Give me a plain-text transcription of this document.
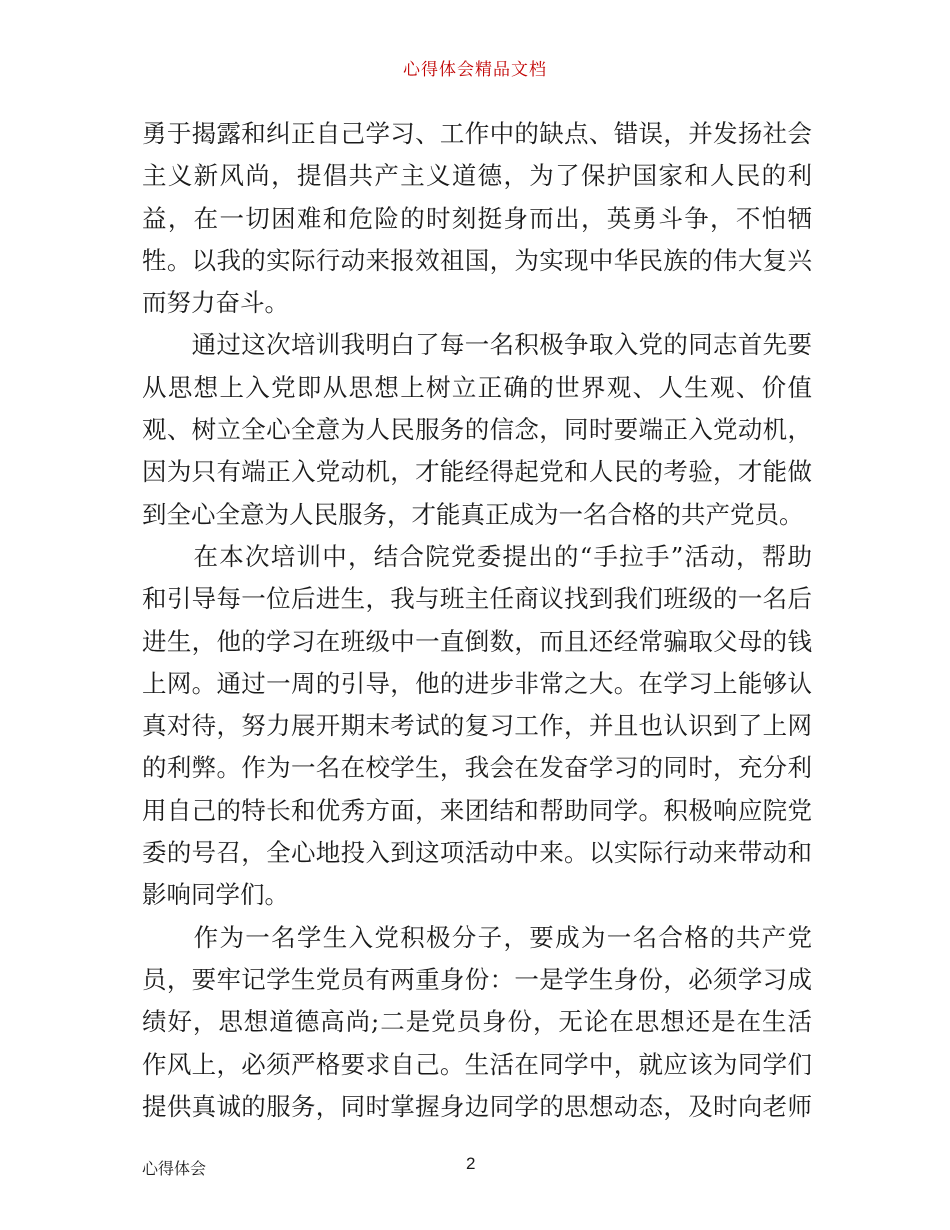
心得体会精品文档

勇于揭露和纠正自己学习、工作中的缺点、错误，并发扬社会
主义新风尚，提倡共产主义道德，为了保护国家和人民的利
益，在一切困难和危险的时刻挺身而出，英勇斗争，不怕牺
牲。以我的实际行动来报效祖国，为实现中华民族的伟大复兴
而努力奋斗。

　　通过这次培训我明白了每一名积极争取入党的同志首先要
从思想上入党即从思想上树立正确的世界观、人生观、价值
观、树立全心全意为人民服务的信念，同时要端正入党动机，
因为只有端正入党动机，才能经得起党和人民的考验，才能做
到全心全意为人民服务，才能真正成为一名合格的共产党员。

　　在本次培训中，结合院党委提出的“手拉手”活动，帮助
和引导每一位后进生，我与班主任商议找到我们班级的一名后
进生，他的学习在班级中一直倒数，而且还经常骗取父母的钱
上网。通过一周的引导，他的进步非常之大。在学习上能够认
真对待，努力展开期末考试的复习工作，并且也认识到了上网
的利弊。作为一名在校学生，我会在发奋学习的同时，充分利
用自己的特长和优秀方面，来团结和帮助同学。积极响应院党
委的号召，全心地投入到这项活动中来。以实际行动来带动和
影响同学们。

　　作为一名学生入党积极分子，要成为一名合格的共产党
员，要牢记学生党员有两重身份：一是学生身份，必须学习成
绩好，思想道德高尚;二是党员身份，无论在思想还是在生活
作风上，必须严格要求自己。生活在同学中，就应该为同学们
提供真诚的服务，同时掌握身边同学的思想动态，及时向老师

心得体会	2
